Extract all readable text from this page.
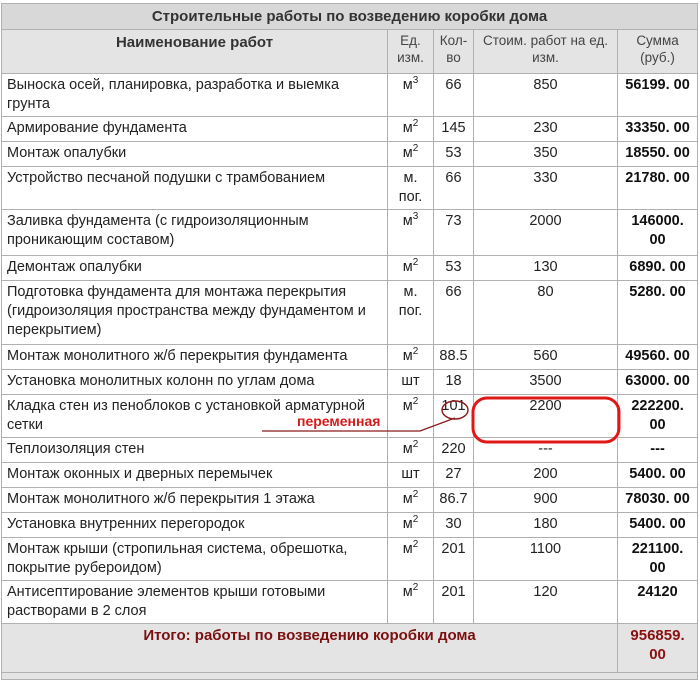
Строительные работы по возведению коробки дома				
Наименование работ	Ед. изм.	Кол-во	Стоим. работ на ед. изм.	Сумма (руб.)
Выноска осей, планировка, разработка и выемка грунта	$м^3$	66	850	56199. 00
Армирование фундамента	$м^2$	145	230	33350. 00
Монтаж опалубки	$м^2$	53	350	18550. 00
Устройство песчаной подушки с трамбованием	м. пог.	66	330	21780. 00
Заливка фундамента (с гидроизоляционным проникающим составом)	$м^3$	73	2000	146000. 00
Демонтаж опалубки	$м^2$	53	130	6890. 00
Подготовка фундамента для монтажа перекрытия (гидроизоляция пространства между фундаментом и перекрытием)	м. пог.	66	80	5280. 00
Монтаж монолитного ж/б перекрытия фундамента	$м^2$	88.5	560	49560. 00
Установка монолитных колонн по углам дома	шт	18	3500	63000. 00
Кладка стен из пеноблоков с установкой арматурной сетки	$м^2$	101	2200	222200. 00
Теплоизоляция стен	$м^2$	220	---	---
Монтаж оконных и дверных перемычек	шт	27	200	5400. 00
Монтаж монолитного ж/б перекрытия 1 этажа	$м^2$	86.7	900	78030. 00
Установка внутренних перегородок	$м^2$	30	180	5400. 00
Монтаж крыши (стропильная система, обрешотка, покрытие рубероидом)	$м^2$	201	1100	221100. 00
Антисептирование элементов крыши готовыми растворами в 2 слоя	$м^2$	201	120	24120
Итого: работы по возведению коробки дома				956859. 00

переменная
